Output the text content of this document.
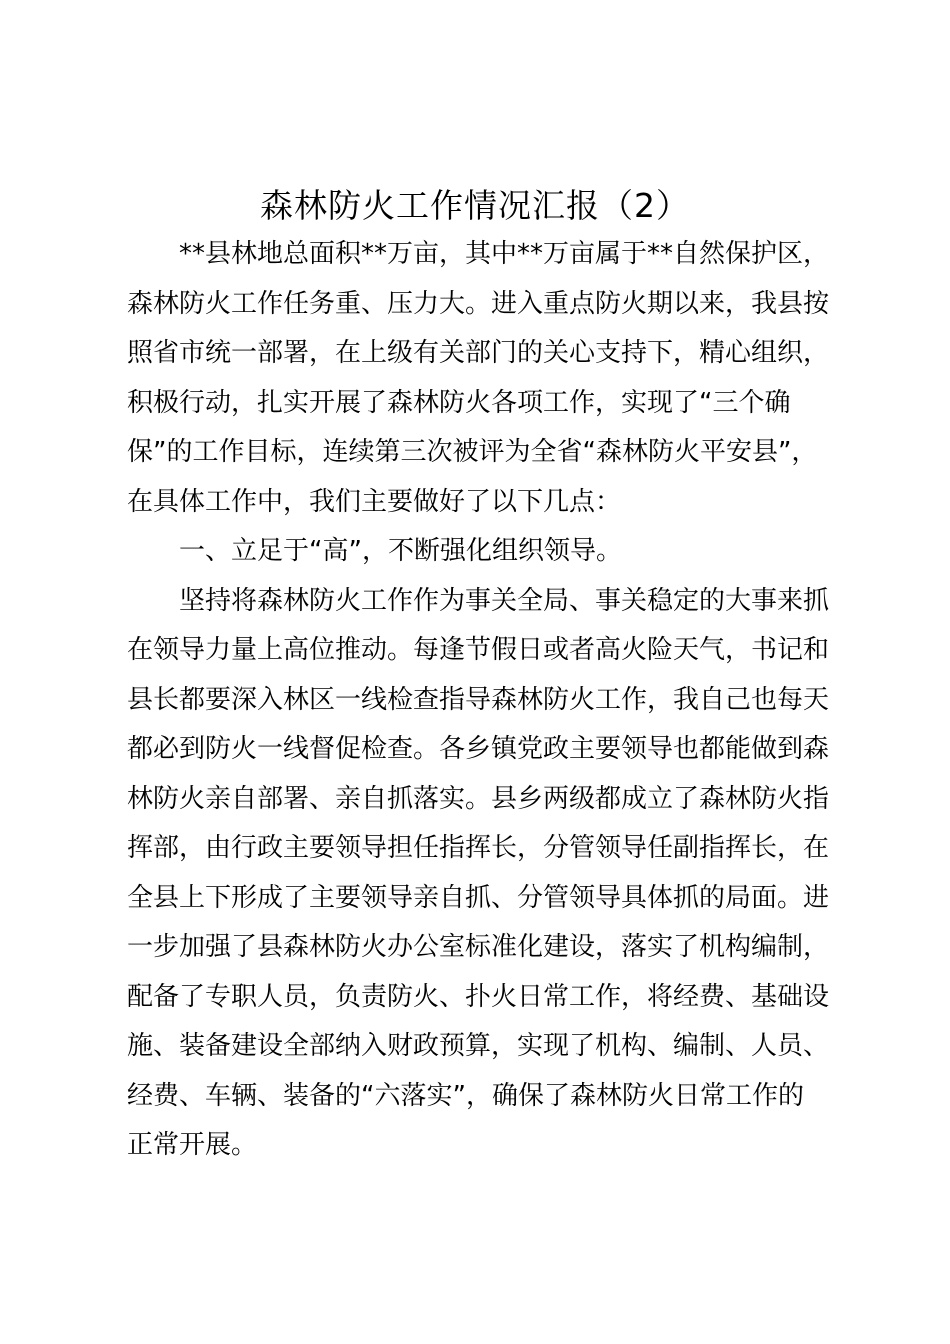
森林防火工作情况汇报（2）
**县林地总面积**万亩，其中**万亩属于**自然保护区，
森林防火工作任务重、压力大。进入重点防火期以来，我县按
照省市统一部署，在上级有关部门的关心支持下，精心组织，
积极行动，扎实开展了森林防火各项工作，实现了“三个确
保”的工作目标，连续第三次被评为全省“森林防火平安县”，
在具体工作中，我们主要做好了以下几点：
一、立足于“高”，不断强化组织领导。
坚持将森林防火工作作为事关全局、事关稳定的大事来抓
在领导力量上高位推动。每逢节假日或者高火险天气，书记和
县长都要深入林区一线检查指导森林防火工作，我自己也每天
都必到防火一线督促检查。各乡镇党政主要领导也都能做到森
林防火亲自部署、亲自抓落实。县乡两级都成立了森林防火指
挥部，由行政主要领导担任指挥长，分管领导任副指挥长，在
全县上下形成了主要领导亲自抓、分管领导具体抓的局面。进
一步加强了县森林防火办公室标准化建设，落实了机构编制，
配备了专职人员，负责防火、扑火日常工作，将经费、基础设
施、装备建设全部纳入财政预算，实现了机构、编制、人员、
经费、车辆、装备的“六落实”，确保了森林防火日常工作的
正常开展。
